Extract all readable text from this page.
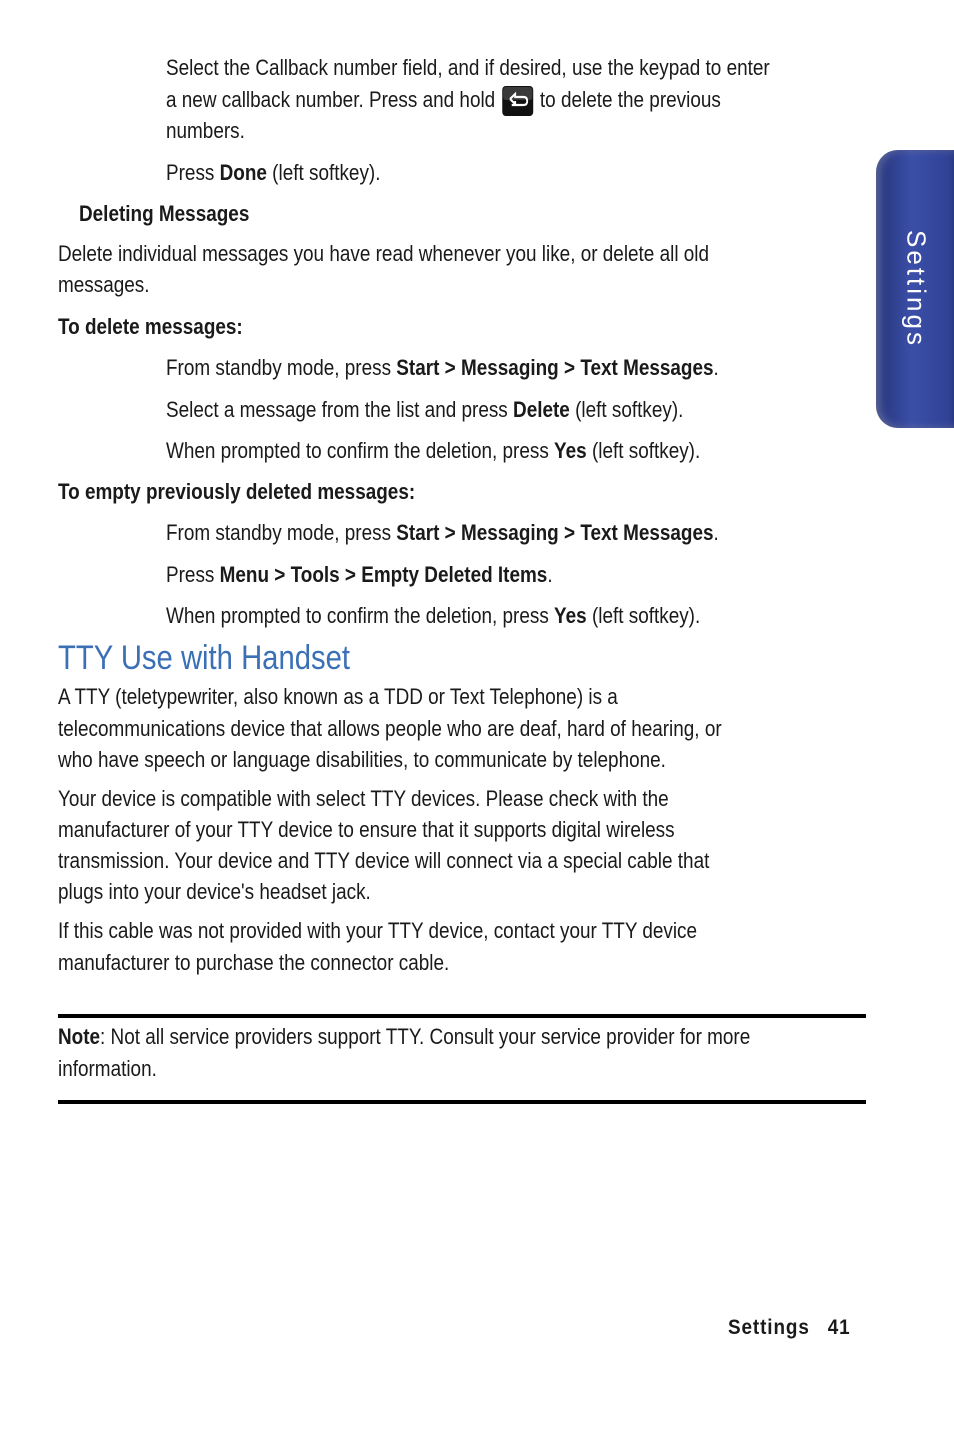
Select the Callback number field, and if desired, use the keypad to enter
a new callback number. Press and hold to delete the previous
numbers.
Press Done (left softkey).
Deleting Messages
Delete individual messages you have read whenever you like, or delete all old
messages.
To delete messages:
From standby mode, press Start > Messaging > Text Messages.
Select a message from the list and press Delete (left softkey).
When prompted to confirm the deletion, press Yes (left softkey).
To empty previously deleted messages:
From standby mode, press Start > Messaging > Text Messages.
Press Menu > Tools > Empty Deleted Items.
When prompted to confirm the deletion, press Yes (left softkey).
TTY Use with Handset
A TTY (teletypewriter, also known as a TDD or Text Telephone) is a
telecommunications device that allows people who are deaf, hard of hearing, or
who have speech or language disabilities, to communicate by telephone.
Your device is compatible with select TTY devices. Please check with the
manufacturer of your TTY device to ensure that it supports digital wireless
transmission. Your device and TTY device will connect via a special cable that
plugs into your device's headset jack.
If this cable was not provided with your TTY device, contact your TTY device
manufacturer to purchase the connector cable.
Note: Not all service providers support TTY. Consult your service provider for more
information.
Settings
Settings 41
